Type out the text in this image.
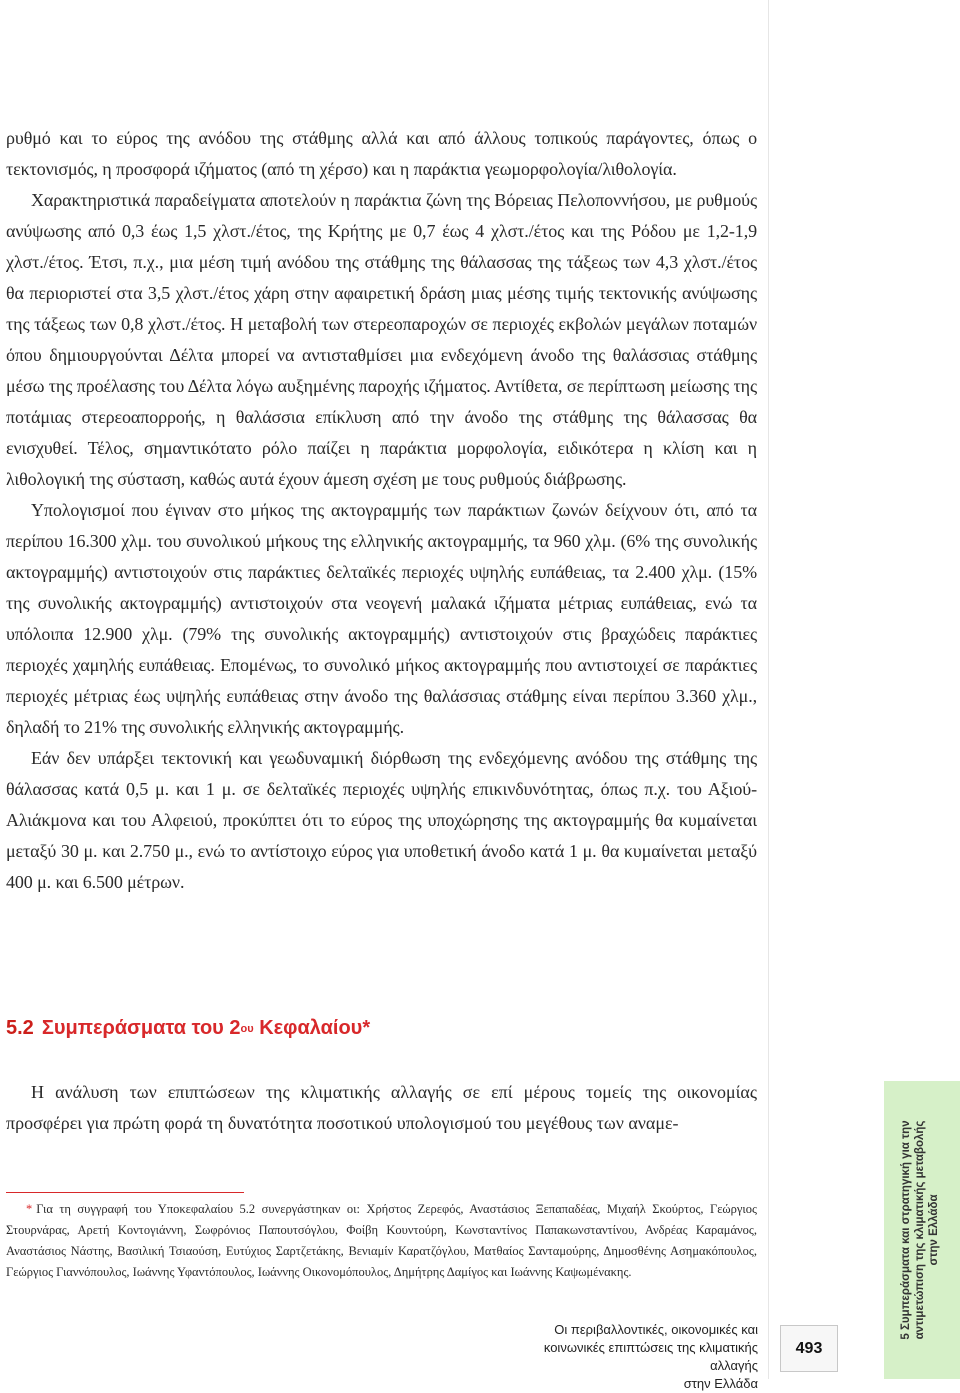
ρυθμό και το εύρος της ανόδου της στάθμης αλλά και από άλλους τοπικούς παράγοντες, όπως ο τεκτονισμός, η προσφορά ιζήματος (από τη χέρσο) και η παράκτια γεωμορφολογία/λιθολογία.

Χαρακτηριστικά παραδείγματα αποτελούν η παράκτια ζώνη της Βόρειας Πελοποννήσου, με ρυθμούς ανύψωσης από 0,3 έως 1,5 χλστ./έτος, της Κρήτης με 0,7 έως 4 χλστ./έτος και της Ρόδου με 1,2-1,9 χλστ./έτος. Έτσι, π.χ., μια μέση τιμή ανόδου της στάθμης της θάλασσας της τάξεως των 4,3 χλστ./έτος θα περιοριστεί στα 3,5 χλστ./έτος χάρη στην αφαιρετική δράση μιας μέσης τιμής τεκτονικής ανύψωσης της τάξεως των 0,8 χλστ./έτος. Η μεταβολή των στερεοπαροχών σε περιοχές εκβολών μεγάλων ποταμών όπου δημιουργούνται Δέλτα μπορεί να αντισταθμίσει μια ενδεχόμενη άνοδο της θαλάσσιας στάθμης μέσω της προέλασης του Δέλτα λόγω αυξημένης παροχής ιζήματος. Αντίθετα, σε περίπτωση μείωσης της ποτάμιας στερεοαπορροής, η θαλάσσια επίκλυση από την άνοδο της στάθμης της θάλασσας θα ενισχυθεί. Τέλος, σημαντικότατο ρόλο παίζει η παράκτια μορφολογία, ειδικότερα η κλίση και η λιθολογική της σύσταση, καθώς αυτά έχουν άμεση σχέση με τους ρυθμούς διάβρωσης.

Υπολογισμοί που έγιναν στο μήκος της ακτογραμμής των παράκτιων ζωνών δείχνουν ότι, από τα περίπου 16.300 χλμ. του συνολικού μήκους της ελληνικής ακτογραμμής, τα 960 χλμ. (6% της συνολικής ακτογραμμής) αντιστοιχούν στις παράκτιες δελταϊκές περιοχές υψηλής ευπάθειας, τα 2.400 χλμ. (15% της συνολικής ακτογραμμής) αντιστοιχούν στα νεογενή μαλακά ιζήματα μέτριας ευπάθειας, ενώ τα υπόλοιπα 12.900 χλμ. (79% της συνολικής ακτογραμμής) αντιστοιχούν στις βραχώδεις παράκτιες περιοχές χαμηλής ευπάθειας. Επομένως, το συνολικό μήκος ακτογραμμής που αντιστοιχεί σε παράκτιες περιοχές μέτριας έως υψηλής ευπάθειας στην άνοδο της θαλάσσιας στάθμης είναι περίπου 3.360 χλμ., δηλαδή το 21% της συνολικής ελληνικής ακτογραμμής.

Εάν δεν υπάρξει τεκτονική και γεωδυναμική διόρθωση της ενδεχόμενης ανόδου της στάθμης της θάλασσας κατά 0,5 μ. και 1 μ. σε δελταϊκές περιοχές υψηλής επικινδυνότητας, όπως π.χ. του Αξιού-Αλιάκμονα και του Αλφειού, προκύπτει ότι το εύρος της υποχώρησης της ακτογραμμής θα κυμαίνεται μεταξύ 30 μ. και 2.750 μ., ενώ το αντίστοιχο εύρος για υποθετική άνοδο κατά 1 μ. θα κυμαίνεται μεταξύ 400 μ. και 6.500 μέτρων.

5.2 Συμπεράσματα του $2^{o\upsilon}$ Κεφαλαίου*

Η ανάλυση των επιπτώσεων της κλιματικής αλλαγής σε επί μέρους τομείς της οικονομίας προσφέρει για πρώτη φορά τη δυνατότητα ποσοτικού υπολογισμού του μεγέθους των αναμε-

* Για τη συγγραφή του Υποκεφαλαίου 5.2 συνεργάστηκαν οι: Χρήστος Ζερεφός, Αναστάσιος Ξεπαπαδέας, Μιχαήλ Σκούρτος, Γεώργιος Στουρνάρας, Αρετή Κοντογιάννη, Σωφρόνιος Παπουτσόγλου, Φοίβη Κουντούρη, Κωνσταντίνος Παπακωνσταντίνου, Ανδρέας Καραμάνος, Αναστάσιος Νάστης, Βασιλική Τσιαούση, Ευτύχιος Σαρτζετάκης, Βενιαμίν Καρατζόγλου, Ματθαίος Σανταμούρης, Δημοσθένης Ασημακόπουλος, Γεώργιος Γιαννόπουλος, Ιωάννης Υφαντόπουλος, Ιωάννης Οικονομόπουλος, Δημήτρης Δαμίγος και Ιωάννης Καψωμένακης.
Οι περιβαλλοντικές, οικονομικές και
κοινωνικές επιπτώσεις της κλιματικής αλλαγής
στην Ελλάδα
493
5 Συμπεράσματα και στρατηγική για την αντιμετώπιση της κλιματικής μεταβολής στην Ελλάδα
